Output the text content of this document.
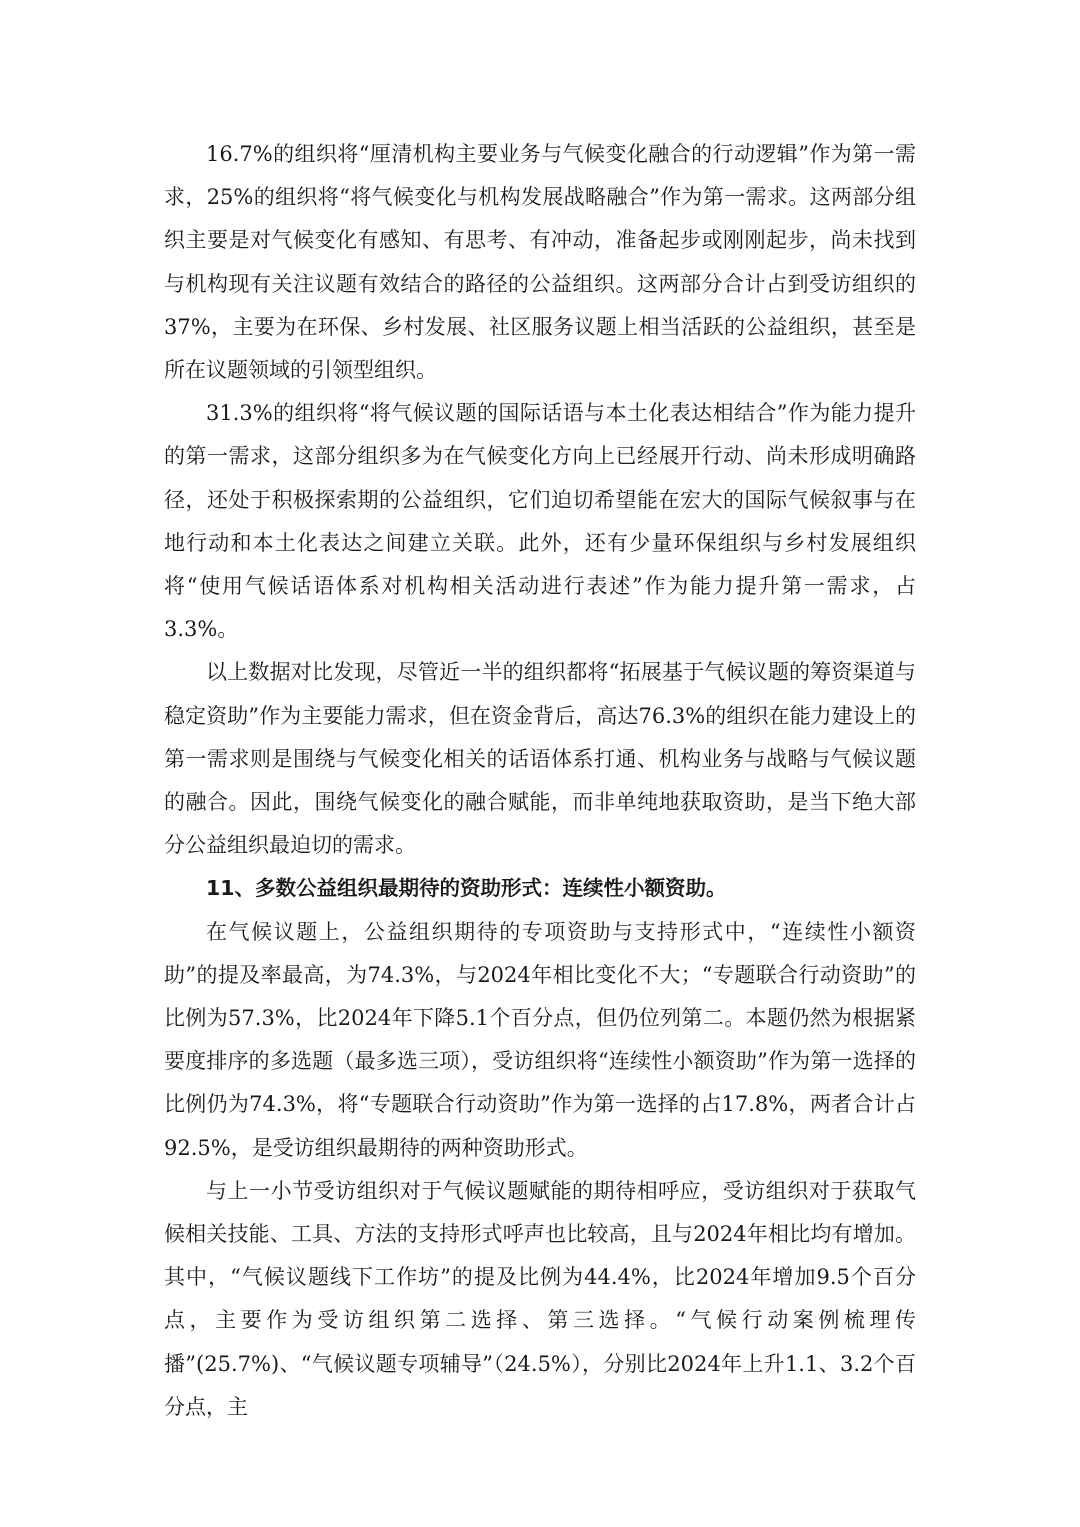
16.7%的组织将“厘清机构主要业务与气候变化融合的行动逻辑”作为第一需求，25%的组织将“将气候变化与机构发展战略融合”作为第一需求。这两部分组织主要是对气候变化有感知、有思考、有冲动，准备起步或刚刚起步，尚未找到与机构现有关注议题有效结合的路径的公益组织。这两部分合计占到受访组织的37%，主要为在环保、乡村发展、社区服务议题上相当活跃的公益组织，甚至是所在议题领域的引领型组织。

31.3%的组织将“将气候议题的国际话语与本土化表达相结合”作为能力提升的第一需求，这部分组织多为在气候变化方向上已经展开行动、尚未形成明确路径，还处于积极探索期的公益组织，它们迫切希望能在宏大的国际气候叙事与在地行动和本土化表达之间建立关联。此外，还有少量环保组织与乡村发展组织将“使用气候话语体系对机构相关活动进行表述”作为能力提升第一需求，占3.3%。

以上数据对比发现，尽管近一半的组织都将“拓展基于气候议题的筹资渠道与稳定资助”作为主要能力需求，但在资金背后，高达76.3%的组织在能力建设上的第一需求则是围绕与气候变化相关的话语体系打通、机构业务与战略与气候议题的融合。因此，围绕气候变化的融合赋能，而非单纯地获取资助，是当下绝大部分公益组织最迫切的需求。

11、多数公益组织最期待的资助形式：连续性小额资助。

在气候议题上，公益组织期待的专项资助与支持形式中，“连续性小额资助”的提及率最高，为74.3%，与2024年相比变化不大；“专题联合行动资助”的比例为57.3%，比2024年下降5.1个百分点，但仍位列第二。本题仍然为根据紧要度排序的多选题（最多选三项），受访组织将“连续性小额资助”作为第一选择的比例仍为74.3%，将“专题联合行动资助”作为第一选择的占17.8%，两者合计占92.5%，是受访组织最期待的两种资助形式。

与上一小节受访组织对于气候议题赋能的期待相呼应，受访组织对于获取气候相关技能、工具、方法的支持形式呼声也比较高，且与2024年相比均有增加。其中，“气候议题线下工作坊”的提及比例为44.4%，比2024年增加9.5个百分点，主要作为受访组织第二选择、第三选择。“气候行动案例梳理传播”(25.7%)、“气候议题专项辅导”（24.5%），分别比2024年上升1.1、3.2个百分点，主
